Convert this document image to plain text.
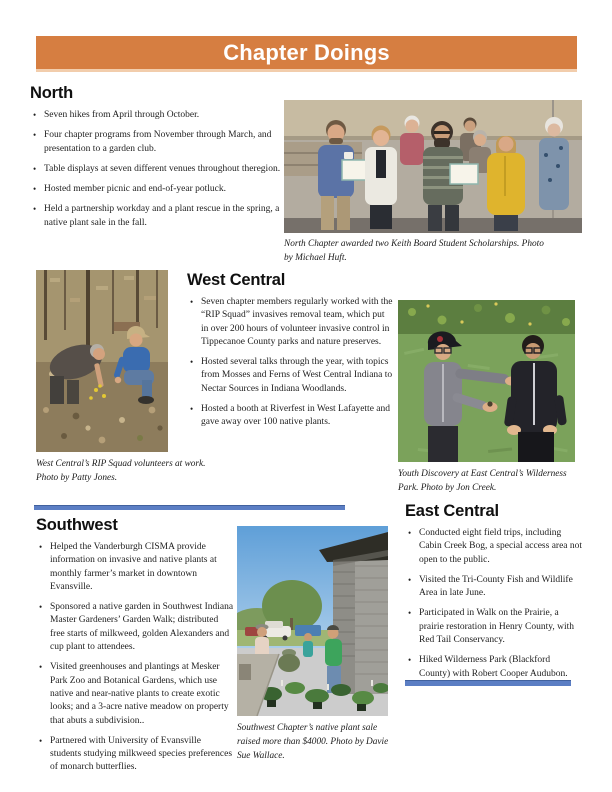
Chapter Doings
North
• Seven hikes from April through October.
• Four chapter programs from November through March, and presentation to a garden club.
• Table displays at seven different venues throughout theregion.
• Hosted member picnic and end-of-year potluck.
• Held a partnership workday and a plant rescue in the spring, a native plant sale in the fall.
North Chapter awarded two Keith Board Student Scholarships. Photo by Michael Huft.
West Central’s RIP Squad volunteers at work. Photo by Patty Jones.
West Central
• Seven chapter members regularly worked with the “RIP Squad” invasives removal team, which put in over 200 hours of volunteer invasive control in Tippecanoe County parks and nature preserves.
• Hosted several talks through the year, with topics from Mosses and Ferns of West Central Indiana to Nectar Sources in Indiana Woodlands.
• Hosted a booth at Riverfest in West Lafayette and gave away over 100 native plants.
Youth Discovery at East Central’s Wilderness Park. Photo by Jon Creek.
Southwest
• Helped the Vanderburgh CISMA provide information on invasive and native plants at monthly farmer’s market in downtown Evansville.
• Sponsored a native garden in Southwest Indiana Master Gardeners’ Garden Walk; distributed free starts of milkweed, golden Alexanders and cup plant to attendees.
• Visited greenhouses and plantings at Mesker Park Zoo and Botanical Gardens, which use native and near-native plants to create exotic looks; and a 3-acre native meadow on property that abuts a subdivision..
• Partnered with University of Evansville students studying milkweed species preferences of monarch butterflies.
Southwest Chapter’s native plant sale raised more than $4000. Photo by Davie Sue Wallace.
East Central
• Conducted eight field trips, including Cabin Creek Bog, a special access area not open to the public.
• Visited the Tri-County Fish and Wildlife Area in late June.
• Participated in Walk on the Prairie, a prairie restoration in Henry County, with Red Tail Conservancy.
• Hiked Wilderness Park (Blackford County) with Robert Cooper Audubon.
